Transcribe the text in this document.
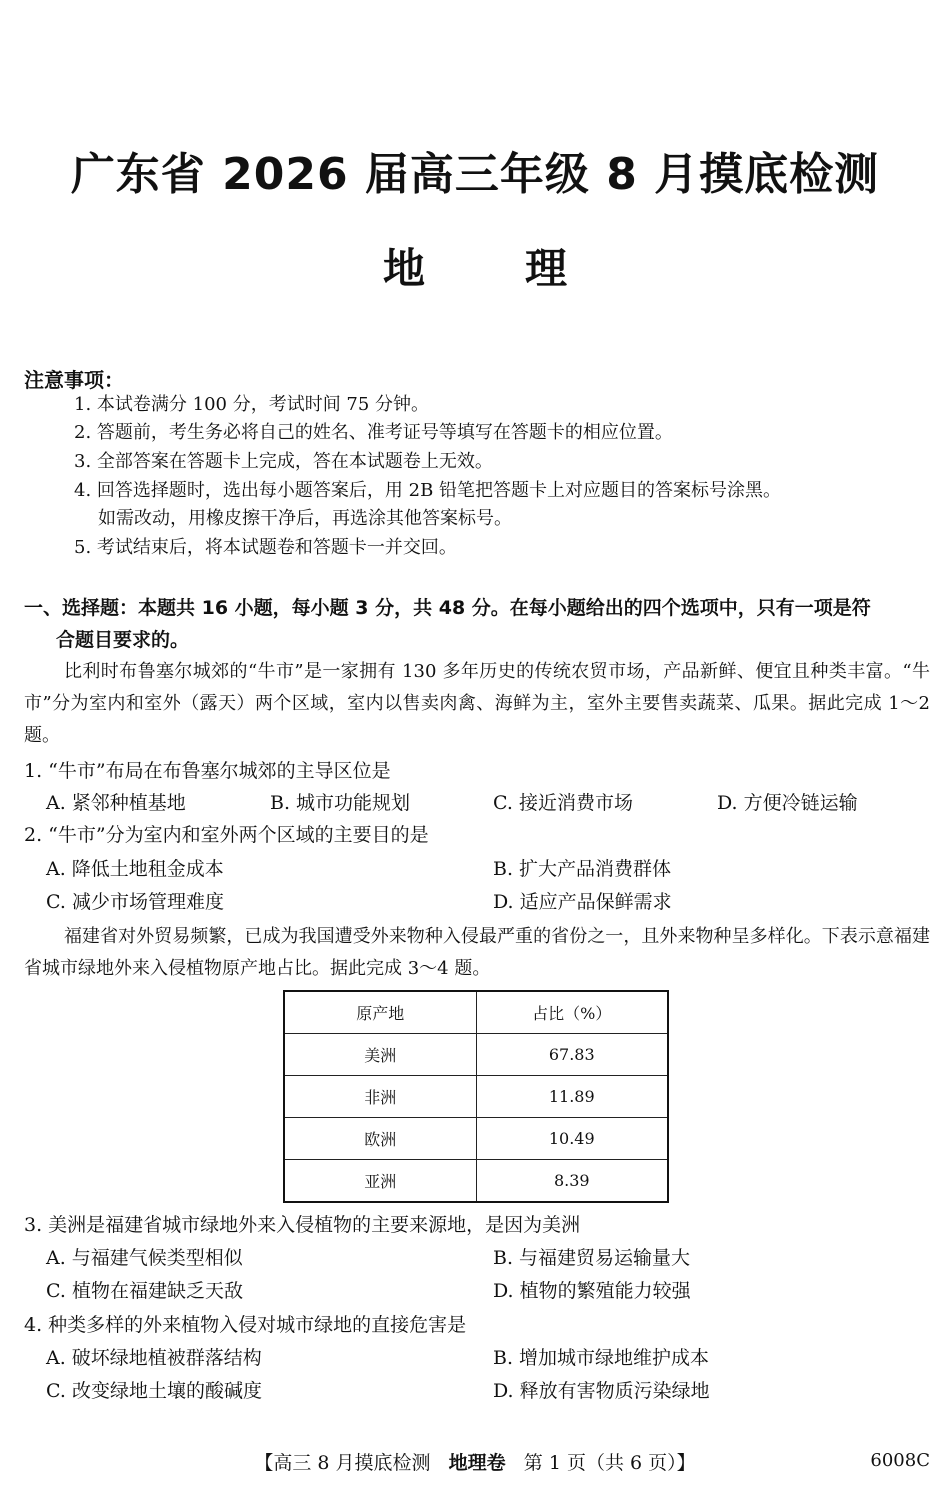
广东省 2026 届高三年级 8 月摸底检测
地 理
注意事项：
1. 本试卷满分 100 分，考试时间 75 分钟。
2. 答题前，考生务必将自己的姓名、准考证号等填写在答题卡的相应位置。
3. 全部答案在答题卡上完成，答在本试题卷上无效。
4. 回答选择题时，选出每小题答案后，用 2B 铅笔把答题卡上对应题目的答案标号涂黑。
如需改动，用橡皮擦干净后，再选涂其他答案标号。
5. 考试结束后，将本试题卷和答题卡一并交回。
一、选择题：本题共 16 小题，每小题 3 分，共 48 分。在每小题给出的四个选项中，只有一项是符
合题目要求的。
比利时布鲁塞尔城郊的“牛市”是一家拥有 130 多年历史的传统农贸市场，产品新鲜、便宜且种类丰富。“牛市”分为室内和室外（露天）两个区域，室内以售卖肉禽、海鲜为主，室外主要售卖蔬菜、瓜果。据此完成 1～2 题。
1. “牛市”布局在布鲁塞尔城郊的主导区位是
A. 紧邻种植基地	B. 城市功能规划	C. 接近消费市场	D. 方便冷链运输
2. “牛市”分为室内和室外两个区域的主要目的是
A. 降低土地租金成本	B. 扩大产品消费群体
C. 减少市场管理难度	D. 适应产品保鲜需求
福建省对外贸易频繁，已成为我国遭受外来物种入侵最严重的省份之一，且外来物种呈多样化。下表示意福建省城市绿地外来入侵植物原产地占比。据此完成 3～4 题。
原产地	占比（%）
美洲	67.83
非洲	11.89
欧洲	10.49
亚洲	8.39
3. 美洲是福建省城市绿地外来入侵植物的主要来源地，是因为美洲
A. 与福建气候类型相似	B. 与福建贸易运输量大
C. 植物在福建缺乏天敌	D. 植物的繁殖能力较强
4. 种类多样的外来植物入侵对城市绿地的直接危害是
A. 破坏绿地植被群落结构	B. 增加城市绿地维护成本
C. 改变绿地土壤的酸碱度	D. 释放有害物质污染绿地
【高三 8 月摸底检测 地理卷 第 1 页（共 6 页）】	6008C
